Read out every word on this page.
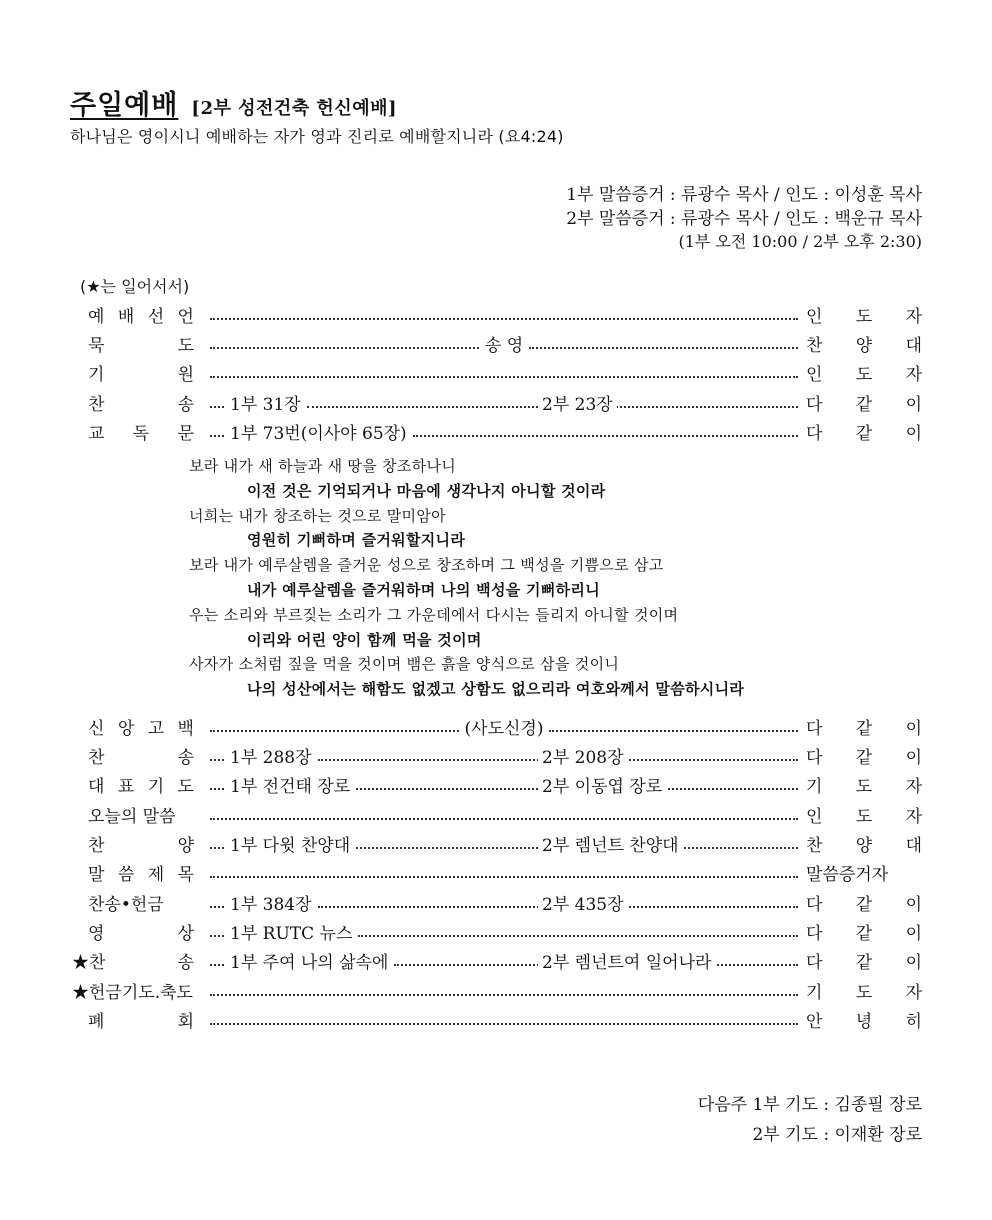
주일예배 [2부 성전건축 헌신예배]
하나님은 영이시니 예배하는 자가 영과 진리로 예배할지니라 (요4:24)
1부 말씀증거 : 류광수 목사 / 인도 : 이성훈 목사
2부 말씀증거 : 류광수 목사 / 인도 : 백운규 목사
(1부 오전 10:00 / 2부 오후 2:30)
(★는 일어서서)
예 배 선 언	인 도 자
묵	도	송 영	찬 양 대
기	원	인 도 자
찬	송 1부 31장	2부 23장	다 같 이
교 독 문 1부 73번(이사야 65장)	다 같 이
신 앙 고 백	(사도신경)	다 같 이
찬	송 1부 288장	2부 208장	다 같 이
대 표 기 도 1부 전건태 장로	2부 이동엽 장로	기 도 자
오늘의 말씀	인 도 자
찬	양 1부 다윗 찬양대	2부 렘넌트 찬양대	찬 양 대
말 씀 제 목	말씀증거자
찬송•헌금	1부 384장	2부 435장	다 같 이
영	상 1부 RUTC 뉴스	다 같 이
★찬	송 1부 주여 나의 삶속에	2부 렘넌트여 일어나라	다 같 이
★헌금기도.축도	기 도 자
폐	회	안 녕 히
보라 내가 새 하늘과 새 땅을 창조하나니
이전 것은 기억되거나 마음에 생각나지 아니할 것이라
너희는 내가 창조하는 것으로 말미암아
영원히 기뻐하며 즐거워할지니라
보라 내가 예루살렘을 즐거운 성으로 창조하며 그 백성을 기쁨으로 삼고
내가 예루살렘을 즐거워하며 나의 백성을 기뻐하리니
우는 소리와 부르짖는 소리가 그 가운데에서 다시는 들리지 아니할 것이며
이리와 어린 양이 함께 먹을 것이며
사자가 소처럼 짚을 먹을 것이며 뱀은 흙을 양식으로 삼을 것이니
나의 성산에서는 해함도 없겠고 상함도 없으리라 여호와께서 말씀하시니라
다음주 1부 기도 : 김종필 장로
2부 기도 : 이재환 장로
